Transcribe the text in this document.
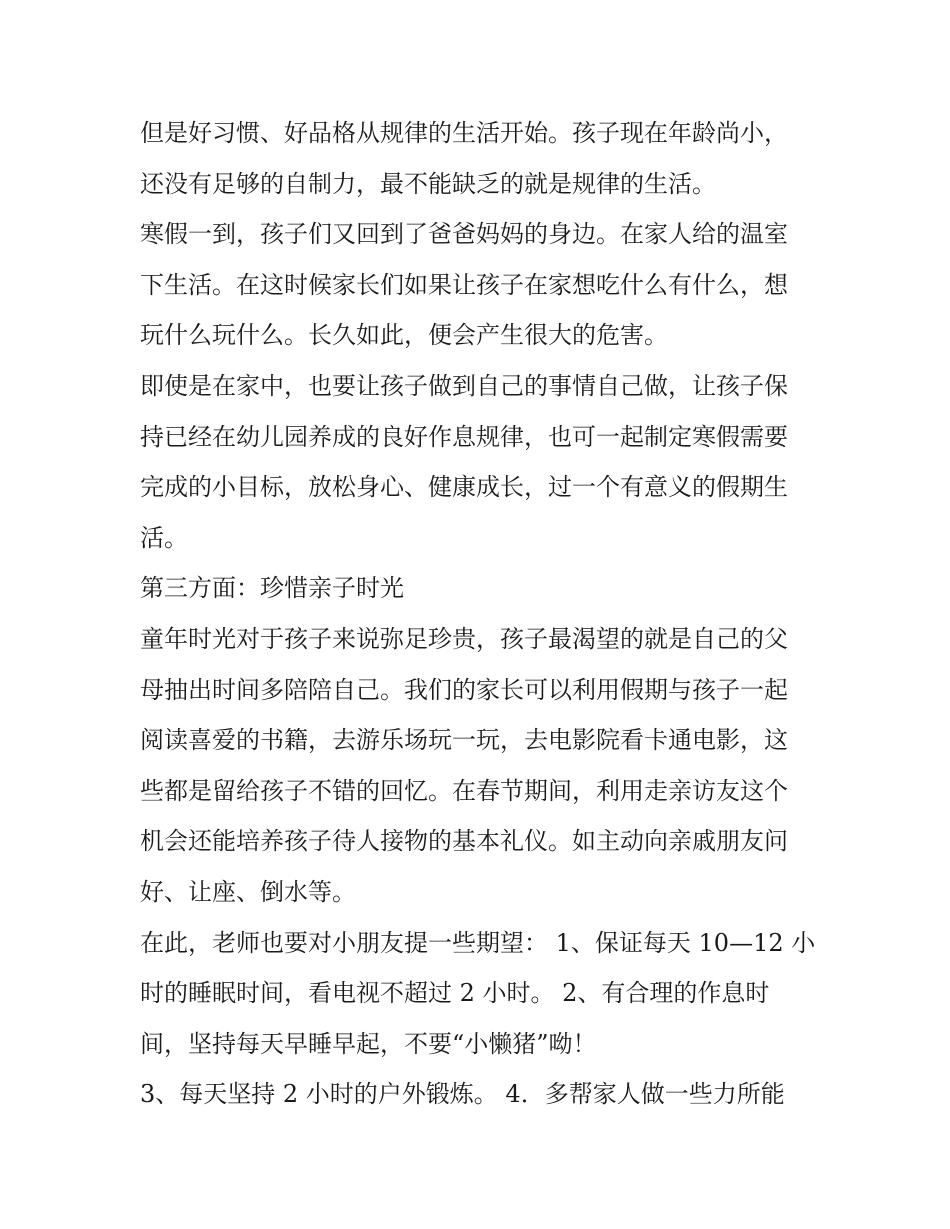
但是好习惯、好品格从规律的生活开始。孩子现在年龄尚小，
还没有足够的自制力，最不能缺乏的就是规律的生活。
寒假一到，孩子们又回到了爸爸妈妈的身边。在家人给的温室
下生活。在这时候家长们如果让孩子在家想吃什么有什么，想
玩什么玩什么。长久如此，便会产生很大的危害。
即使是在家中，也要让孩子做到自己的事情自己做，让孩子保
持已经在幼儿园养成的良好作息规律，也可一起制定寒假需要
完成的小目标，放松身心、健康成长，过一个有意义的假期生
活。
第三方面：珍惜亲子时光
童年时光对于孩子来说弥足珍贵，孩子最渴望的就是自己的父
母抽出时间多陪陪自己。我们的家长可以利用假期与孩子一起
阅读喜爱的书籍，去游乐场玩一玩，去电影院看卡通电影，这
些都是留给孩子不错的回忆。在春节期间，利用走亲访友这个
机会还能培养孩子待人接物的基本礼仪。如主动向亲戚朋友问
好、让座、倒水等。
在此，老师也要对小朋友提一些期望： 1、保证每天 10—12 小
时的睡眠时间，看电视不超过 2 小时。 2、有合理的作息时
间，坚持每天早睡早起，不要“小懒猪”呦！
3、每天坚持 2 小时的户外锻炼。 4．多帮家人做一些力所能
